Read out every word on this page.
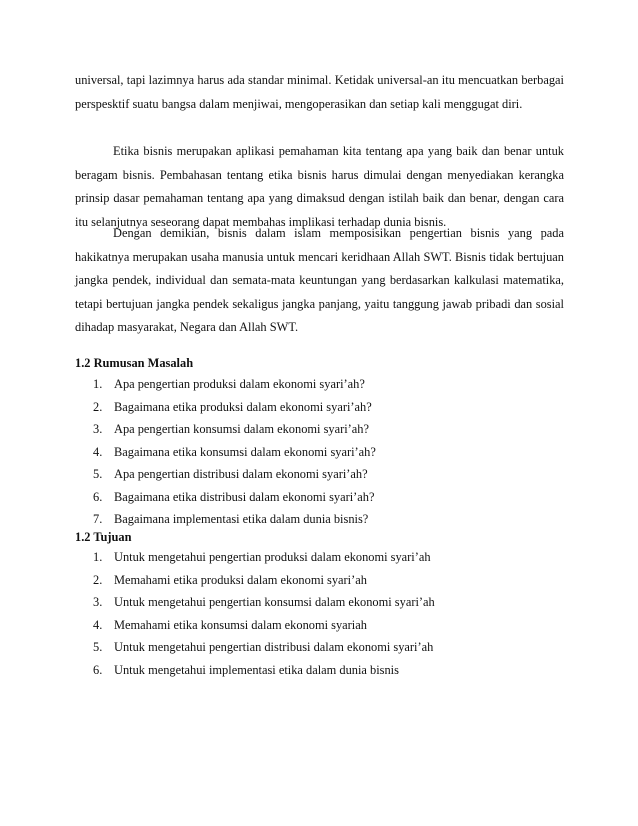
universal, tapi lazimnya harus ada standar minimal. Ketidak universal-an itu mencuatkan berbagai perspesktif suatu bangsa dalam menjiwai, mengoperasikan dan setiap kali menggugat diri.

Etika bisnis merupakan aplikasi pemahaman kita tentang apa yang baik dan benar untuk beragam bisnis. Pembahasan tentang etika bisnis harus dimulai dengan menyediakan kerangka prinsip dasar pemahaman tentang apa yang dimaksud dengan istilah baik dan benar, dengan cara itu selanjutnya seseorang dapat membahas implikasi terhadap dunia bisnis.

Dengan demikian, bisnis dalam islam memposisikan pengertian bisnis yang pada hakikatnya merupakan usaha manusia untuk mencari keridhaan Allah SWT. Bisnis tidak bertujuan jangka pendek, individual dan semata-mata keuntungan yang berdasarkan kalkulasi matematika, tetapi bertujuan jangka pendek sekaligus jangka panjang, yaitu tanggung jawab pribadi dan sosial dihadap masyarakat, Negara dan Allah SWT.

1.2 Rumusan Masalah
1. Apa pengertian produksi dalam ekonomi syari’ah?
2. Bagaimana etika produksi dalam ekonomi syari’ah?
3. Apa pengertian konsumsi dalam ekonomi syari’ah?
4. Bagaimana etika konsumsi dalam ekonomi syari’ah?
5. Apa pengertian distribusi dalam ekonomi syari’ah?
6. Bagaimana etika distribusi dalam ekonomi syari’ah?
7. Bagaimana implementasi etika dalam dunia bisnis?
1.2 Tujuan
1. Untuk mengetahui pengertian produksi dalam ekonomi syari’ah
2. Memahami etika produksi dalam ekonomi syari’ah
3. Untuk mengetahui pengertian konsumsi dalam ekonomi syari’ah
4. Memahami etika konsumsi dalam ekonomi syariah
5. Untuk mengetahui pengertian distribusi dalam ekonomi syari’ah
6. Untuk mengetahui implementasi etika dalam dunia bisnis
